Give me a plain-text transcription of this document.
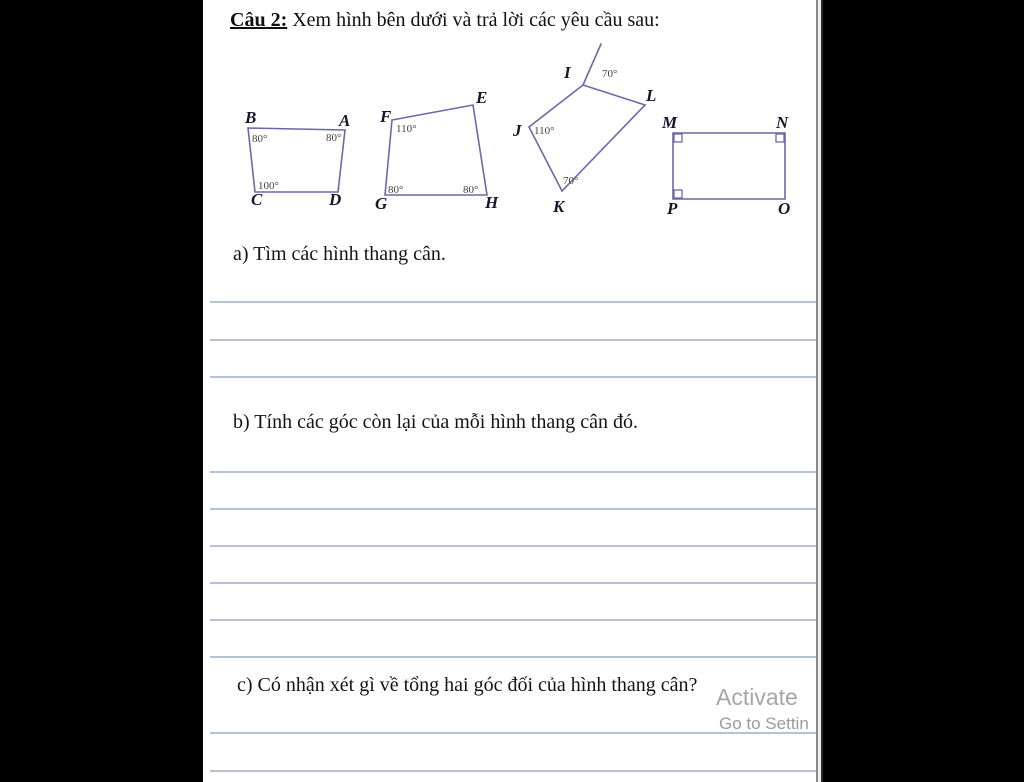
Câu 2: Xem hình bên dưới và trả lời các yêu cầu sau:
B	A
C	D
80°	80°
100°
F
E
G	H
110°
80°	80°
I
L
J
K
70°
110°
70°
M	N
P	O
a) Tìm các hình thang cân.
b) Tính các góc còn lại của mỗi hình thang cân đó.
c) Có nhận xét gì về tổng hai góc đối của hình thang cân? Activate
Go to Settin
